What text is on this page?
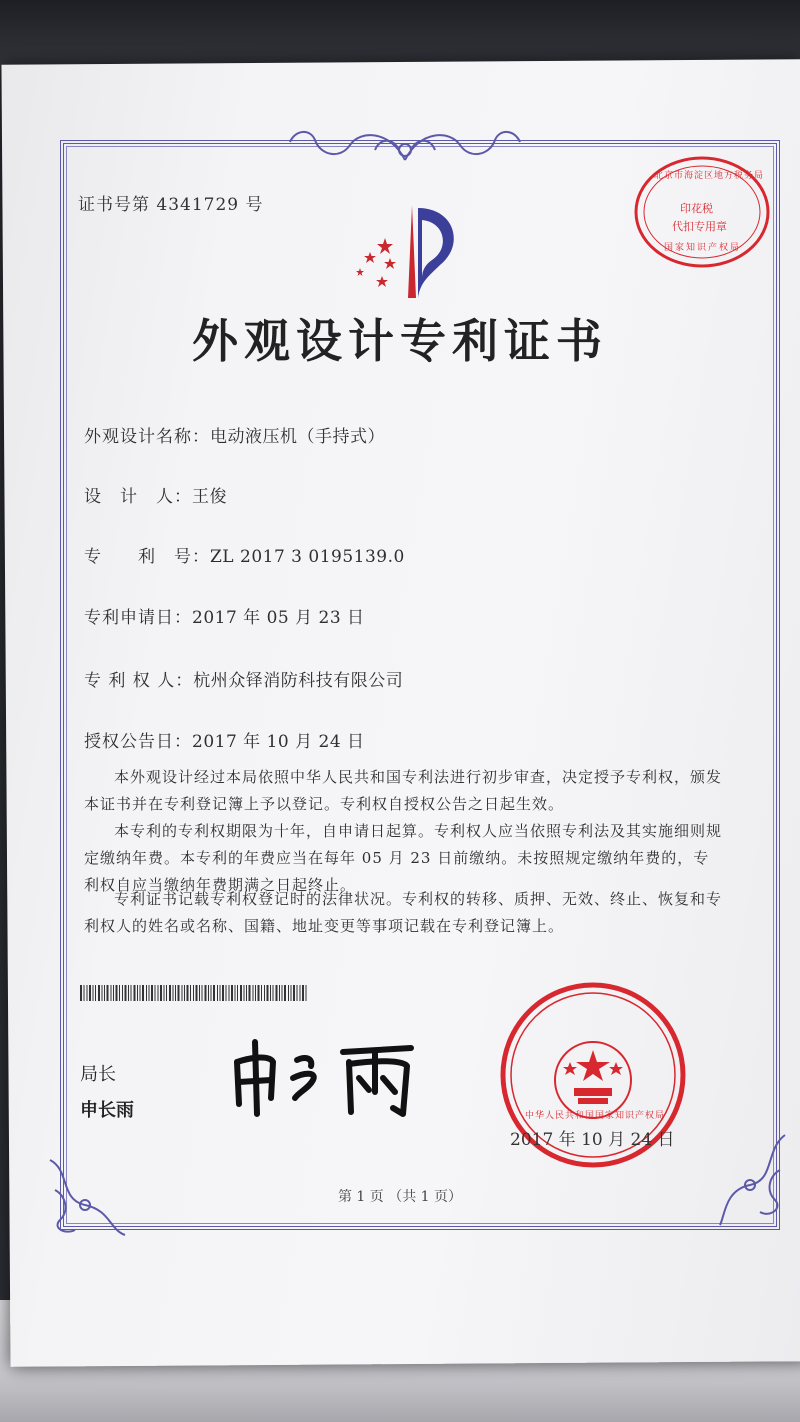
证书号第 4341729 号	印花税
代扣专用章
北京市海淀区地方税务局
国家知识产权局
外观设计专利证书
外观设计名称：电动液压机（手持式）
设　计　人：王俊
专　　利　号：ZL 2017 3 0195139.0
专利申请日：2017 年 05 月 23 日
专 利 权 人：杭州众铎消防科技有限公司
授权公告日：2017 年 10 月 24 日

本外观设计经过本局依照中华人民共和国专利法进行初步审查，决定授予专利权，颁发本证书并在专利登记簿上予以登记。专利权自授权公告之日起生效。

本专利的专利权期限为十年，自申请日起算。专利权人应当依照专利法及其实施细则规定缴纳年费。本专利的年费应当在每年 05 月 23 日前缴纳。未按照规定缴纳年费的，专利权自应当缴纳年费期满之日起终止。

专利证书记载专利权登记时的法律状况。专利权的转移、质押、无效、终止、恢复和专利权人的姓名或名称、国籍、地址变更等事项记载在专利登记簿上。

局长
申长雨	中华人民共和国国家知识产权局
2017 年 10 月 24 日
第 1 页 （共 1 页）
